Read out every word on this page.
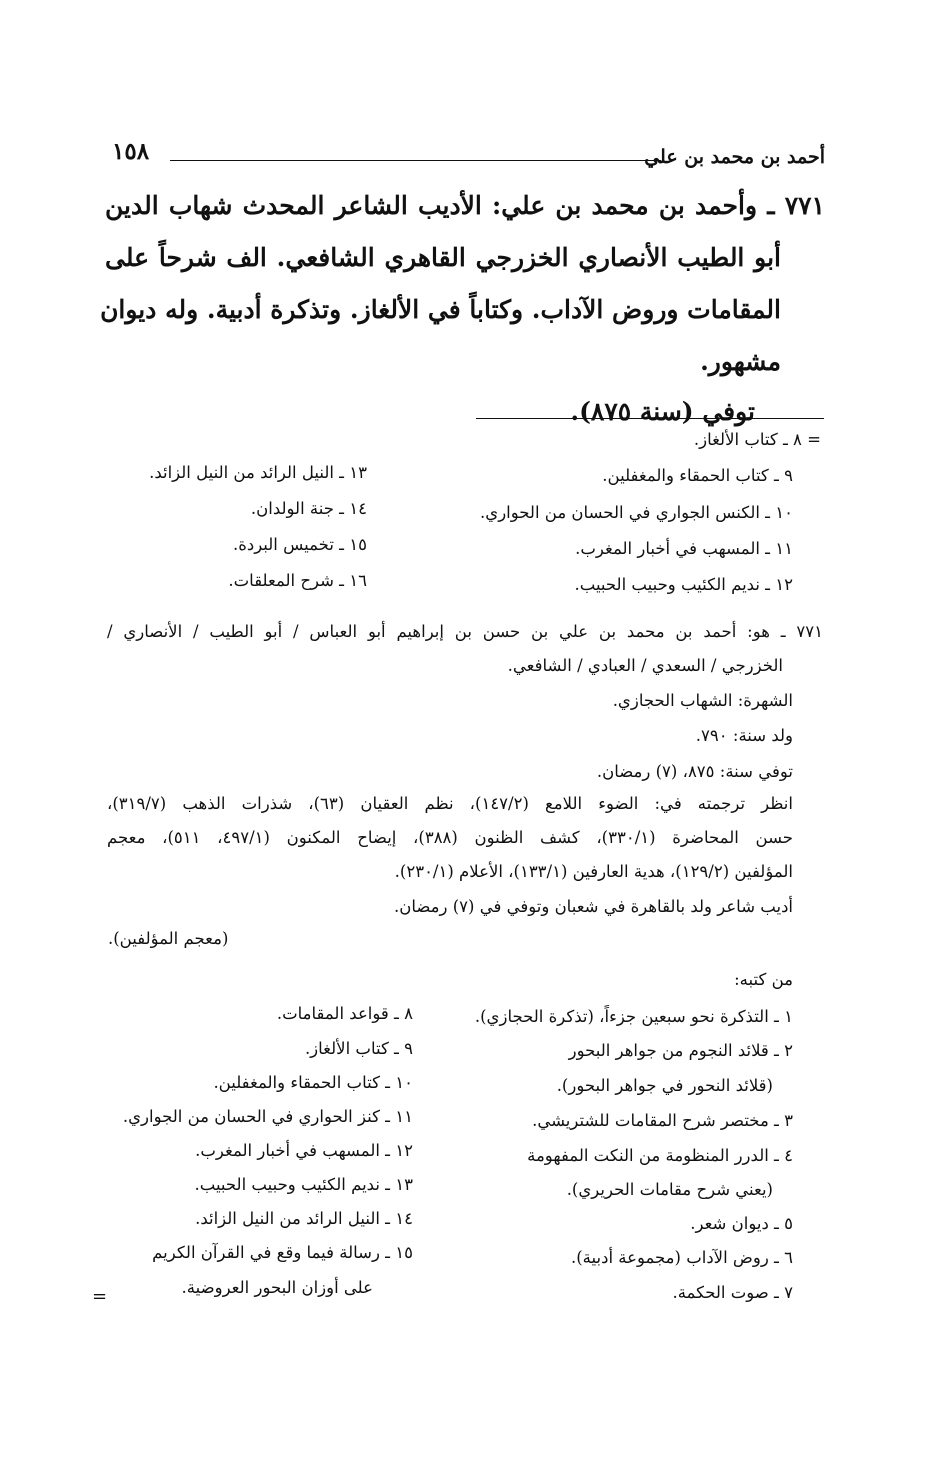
أحمد بن محمد بن علي
١٥٨
٧٧١ ـ وأحمد بن محمد بن علي: الأديب الشاعر المحدث شهاب الدين
أبو الطيب الأنصاري الخزرجي القاهري الشافعي. الف شرحاً على
المقامات وروض الآداب. وكتاباً في الألغاز. وتذكرة أدبية. وله ديوان
مشهور.
توفي (سنة ٨٧٥).
= ٨ ـ كتاب الألغاز.
٩ ـ كتاب الحمقاء والمغفلين.
١٠ ـ الكنس الجواري في الحسان من الحواري.
١١ ـ المسهب في أخبار المغرب.
١٢ ـ نديم الكئيب وحبيب الحبيب.
١٣ ـ النيل الرائد من النيل الزائد.
١٤ ـ جنة الولدان.
١٥ ـ تخميس البردة.
١٦ ـ شرح المعلقات.
٧٧١ ـ هو: أحمد بن محمد بن علي بن حسن بن إبراهيم أبو العباس / أبو الطيب / الأنصاري /
الخزرجي / السعدي / العبادي / الشافعي.
الشهرة: الشهاب الحجازي.
ولد سنة: ٧٩٠.
توفي سنة: ٨٧٥، (٧) رمضان.
انظر ترجمته في: الضوء اللامع (١٤٧/٢)، نظم العقيان (٦٣)، شذرات الذهب (٣١٩/٧)،
حسن المحاضرة (٣٣٠/١)، كشف الظنون (٣٨٨)، إيضاح المكنون (٤٩٧/١، ٥١١)، معجم
المؤلفين (١٢٩/٢)، هدية العارفين (١٣٣/١)، الأعلام (٢٣٠/١).
أديب شاعر ولد بالقاهرة في شعبان وتوفي في (٧) رمضان.
(معجم المؤلفين).
من كتبه:
١ ـ التذكرة نحو سبعين جزءاً، (تذكرة الحجازي).
٢ ـ قلائد النجوم من جواهر البحور
(قلائد النحور في جواهر البحور).
٣ ـ مختصر شرح المقامات للشتريشي.
٤ ـ الدرر المنظومة من النكت المفهومة
(يعني شرح مقامات الحريري).
٥ ـ ديوان شعر.
٦ ـ روض الآداب (مجموعة أدبية).
٧ ـ صوت الحكمة.
٨ ـ قواعد المقامات.
٩ ـ كتاب الألغاز.
١٠ ـ كتاب الحمقاء والمغفلين.
١١ ـ كنز الحواري في الحسان من الجواري.
١٢ ـ المسهب في أخبار المغرب.
١٣ ـ نديم الكئيب وحبيب الحبيب.
١٤ ـ النيل الرائد من النيل الزائد.
١٥ ـ رسالة فيما وقع في القرآن الكريم
على أوزان البحور العروضية.
=
